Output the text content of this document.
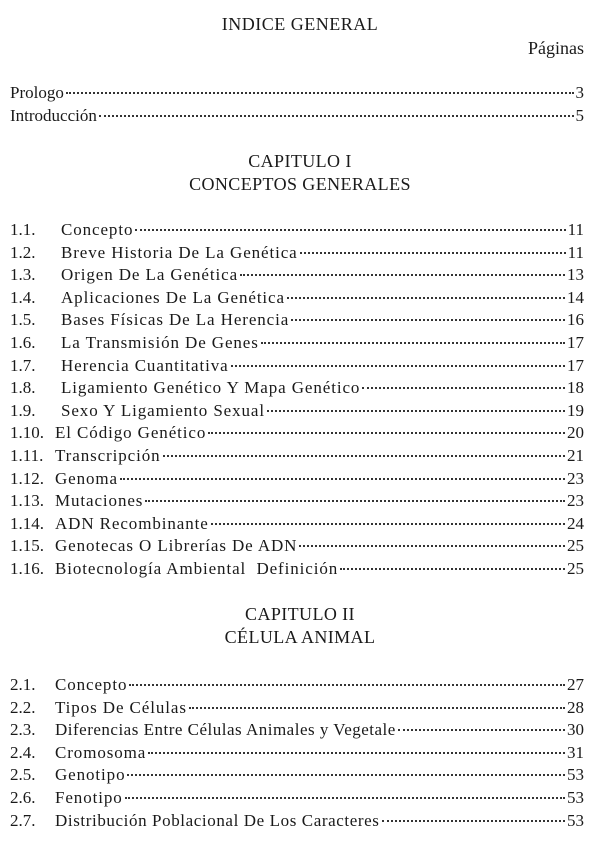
INDICE GENERAL
Páginas
Prologo	3
Introducción	5
CAPITULO I
CONCEPTOS GENERALES
1.1.	Concepto	11
1.2.	Breve Historia De La Genética	11
1.3.	Origen De La Genética	13
1.4.	Aplicaciones De La Genética	14
1.5.	Bases Físicas De La Herencia	16
1.6.	La Transmisión De Genes	17
1.7.	Herencia Cuantitativa	17
1.8.	Ligamiento Genético Y Mapa Genético	18
1.9.	Sexo Y Ligamiento Sexual	19
1.10. El Código Genético	20
1.11. Transcripción	21
1.12. Genoma	23
1.13. Mutaciones	23
1.14. ADN Recombinante	24
1.15. Genotecas O Librerías De ADN	25
1.16. Biotecnología Ambiental  Definición	25
CAPITULO II
CÉLULA ANIMAL
2.1.	Concepto	27
2.2.	Tipos De Células	28
2.3.	Diferencias Entre Células Animales y Vegetale	30
2.4.	Cromosoma	31
2.5.	Genotipo	53
2.6.	Fenotipo	53
2.7.	Distribución Poblacional De Los Caracteres	53
